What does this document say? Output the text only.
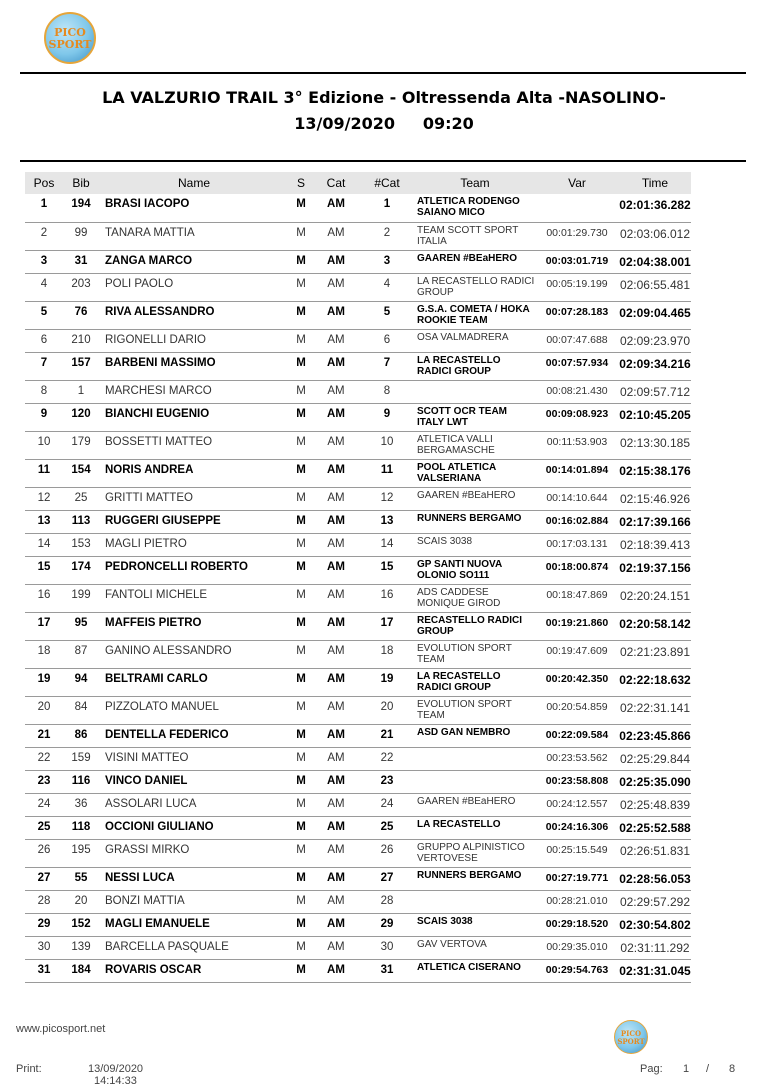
PICO
SPORT
LA VALZURIO TRAIL 3° Edizione - Oltressenda Alta -NASOLINO-
13/09/2020     09:20
Pos	Bib	Name	S	Cat	#Cat	Team	Var	Time
1	194	BRASI IACOPO	M	AM	1	ATLETICA RODENGO SAIANO MICO		02:01:36.282
2	99	TANARA MATTIA	M	AM	2	TEAM SCOTT SPORT ITALIA	00:01:29.730	02:03:06.012
3	31	ZANGA MARCO	M	AM	3	GAAREN #BEaHERO	00:03:01.719	02:04:38.001
4	203	POLI PAOLO	M	AM	4	LA RECASTELLO RADICI GROUP	00:05:19.199	02:06:55.481
5	76	RIVA ALESSANDRO	M	AM	5	G.S.A. COMETA / HOKA ROOKIE TEAM	00:07:28.183	02:09:04.465
6	210	RIGONELLI DARIO	M	AM	6	OSA VALMADRERA	00:07:47.688	02:09:23.970
7	157	BARBENI MASSIMO	M	AM	7	LA RECASTELLO RADICI GROUP	00:07:57.934	02:09:34.216
8	1	MARCHESI MARCO	M	AM	8		00:08:21.430	02:09:57.712
9	120	BIANCHI EUGENIO	M	AM	9	SCOTT OCR TEAM ITALY LWT	00:09:08.923	02:10:45.205
10	179	BOSSETTI MATTEO	M	AM	10	ATLETICA VALLI BERGAMASCHE	00:11:53.903	02:13:30.185
11	154	NORIS ANDREA	M	AM	11	POOL ATLETICA VALSERIANA	00:14:01.894	02:15:38.176
12	25	GRITTI MATTEO	M	AM	12	GAAREN #BEaHERO	00:14:10.644	02:15:46.926
13	113	RUGGERI GIUSEPPE	M	AM	13	RUNNERS BERGAMO	00:16:02.884	02:17:39.166
14	153	MAGLI PIETRO	M	AM	14	SCAIS 3038	00:17:03.131	02:18:39.413
15	174	PEDRONCELLI ROBERTO	M	AM	15	GP SANTI NUOVA OLONIO SO111	00:18:00.874	02:19:37.156
16	199	FANTOLI MICHELE	M	AM	16	ADS CADDESE MONIQUE GIROD	00:18:47.869	02:20:24.151
17	95	MAFFEIS PIETRO	M	AM	17	RECASTELLO RADICI GROUP	00:19:21.860	02:20:58.142
18	87	GANINO ALESSANDRO	M	AM	18	EVOLUTION SPORT TEAM	00:19:47.609	02:21:23.891
19	94	BELTRAMI CARLO	M	AM	19	LA RECASTELLO RADICI GROUP	00:20:42.350	02:22:18.632
20	84	PIZZOLATO MANUEL	M	AM	20	EVOLUTION SPORT TEAM	00:20:54.859	02:22:31.141
21	86	DENTELLA FEDERICO	M	AM	21	ASD GAN NEMBRO	00:22:09.584	02:23:45.866
22	159	VISINI MATTEO	M	AM	22		00:23:53.562	02:25:29.844
23	116	VINCO DANIEL	M	AM	23		00:23:58.808	02:25:35.090
24	36	ASSOLARI LUCA	M	AM	24	GAAREN #BEaHERO	00:24:12.557	02:25:48.839
25	118	OCCIONI GIULIANO	M	AM	25	LA RECASTELLO	00:24:16.306	02:25:52.588
26	195	GRASSI MIRKO	M	AM	26	GRUPPO ALPINISTICO VERTOVESE	00:25:15.549	02:26:51.831
27	55	NESSI LUCA	M	AM	27	RUNNERS BERGAMO	00:27:19.771	02:28:56.053
28	20	BONZI MATTIA	M	AM	28		00:28:21.010	02:29:57.292
29	152	MAGLI EMANUELE	M	AM	29	SCAIS 3038	00:29:18.520	02:30:54.802
30	139	BARCELLA PASQUALE	M	AM	30	GAV VERTOVA	00:29:35.010	02:31:11.292
31	184	ROVARIS OSCAR	M	AM	31	ATLETICA CISERANO	00:29:54.763	02:31:31.045
www.picosport.net	PICO
SPORT
Print:	13/09/2020
14:14:33
Pag: 1 / 8
